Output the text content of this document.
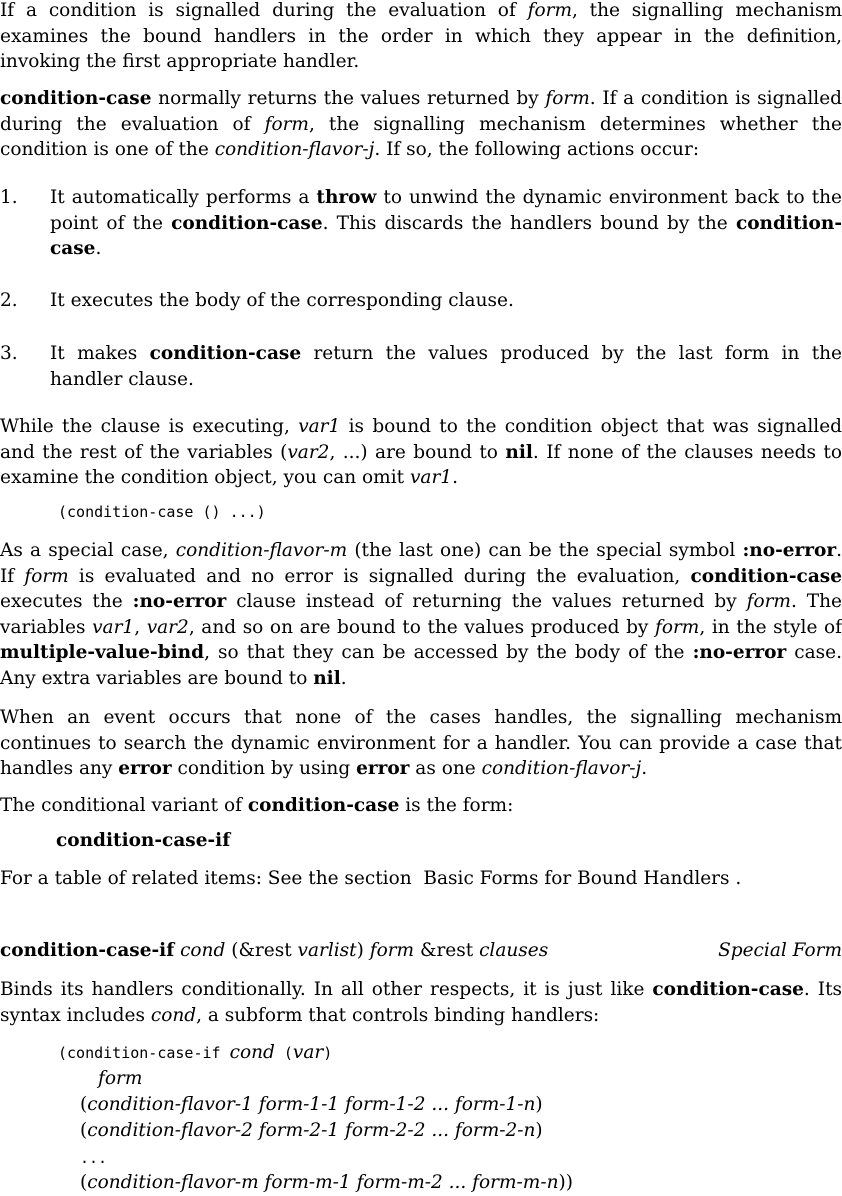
If a condition is signalled during the evaluation of form, the signalling mechanism examines the bound handlers in the order in which they appear in the definition, invoking the first appropriate handler.

condition-case normally returns the values returned by form. If a condition is signalled during the evaluation of form, the signalling mechanism determines whether the condition is one of the condition-flavor-j. If so, the following actions occur:

1. It automatically performs a throw to unwind the dynamic environment back to the point of the condition-case. This discards the handlers bound by the condition-case.
2. It executes the body of the corresponding clause.
3. It makes condition-case return the values produced by the last form in the handler clause.

While the clause is executing, var1 is bound to the condition object that was signalled and the rest of the variables (var2, ...) are bound to nil. If none of the clauses needs to examine the condition object, you can omit var1.

(condition-case () ...)

As a special case, condition-flavor-m (the last one) can be the special symbol :no-error. If form is evaluated and no error is signalled during the evaluation, condition-case executes the :no-error clause instead of returning the values returned by form. The variables var1, var2, and so on are bound to the values produced by form, in the style of multiple-value-bind, so that they can be accessed by the body of the :no-error case. Any extra variables are bound to nil.

When an event occurs that none of the cases handles, the signalling mechanism continues to search the dynamic environment for a handler. You can provide a case that handles any error condition by using error as one condition-flavor-j.

The conditional variant of condition-case is the form:

condition-case-if

For a table of related items: See the section  Basic Forms for Bound Handlers .

condition-case-if cond (&rest varlist) form &rest clauses	Special Form

Binds its handlers conditionally. In all other respects, it is just like condition-case. Its syntax includes cond, a subform that controls binding handlers:

(condition-case-if cond (var)
form
(condition-flavor-1 form-1-1 form-1-2 ... form-1-n)
(condition-flavor-2 form-2-1 form-2-2 ... form-2-n)
...
(condition-flavor-m form-m-1 form-m-2 ... form-m-n))
